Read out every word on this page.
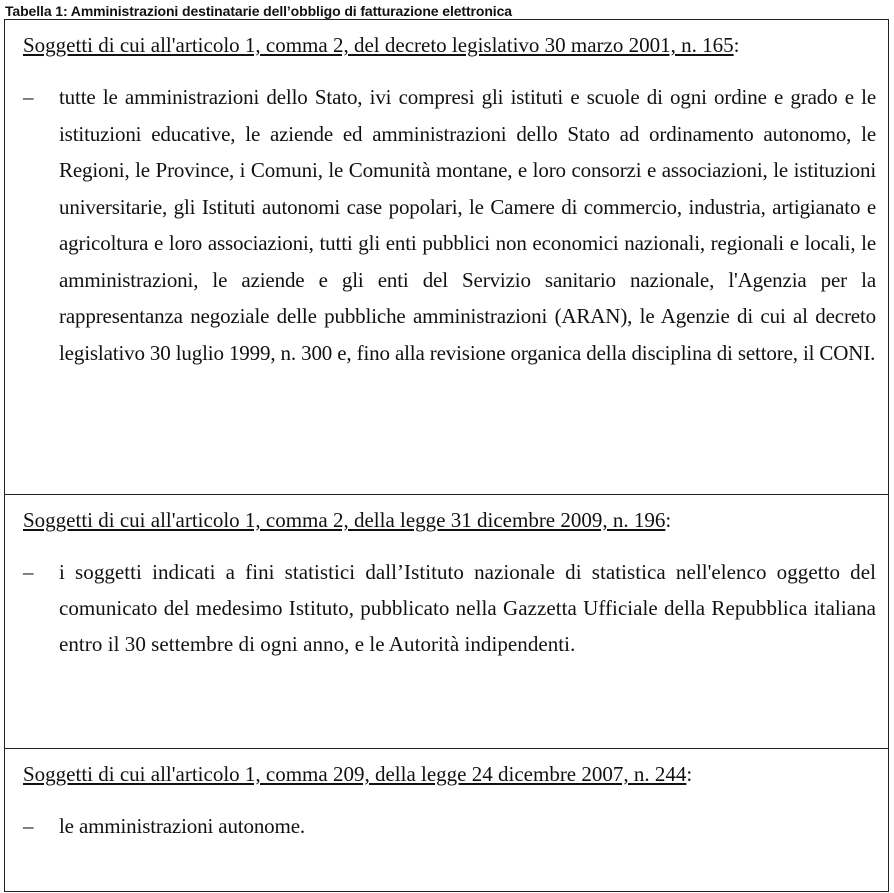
Tabella 1: Amministrazioni destinatarie dell’obbligo di fatturazione elettronica

Soggetti di cui all'articolo 1, comma 2, del decreto legislativo 30 marzo 2001, n. 165:

– tutte le amministrazioni dello Stato, ivi compresi gli istituti e scuole di ogni ordine e grado e le istituzioni educative, le aziende ed amministrazioni dello Stato ad ordinamento autonomo, le Regioni, le Province, i Comuni, le Comunità montane, e loro consorzi e associazioni, le istituzioni universitarie, gli Istituti autonomi case popolari, le Camere di commercio, industria, artigianato e agricoltura e loro associazioni, tutti gli enti pubblici non economici nazionali, regionali e locali, le amministrazioni, le aziende e gli enti del Servizio sanitario nazionale, l'Agenzia per la rappresentanza negoziale delle pubbliche amministrazioni (ARAN), le Agenzie di cui al decreto legislativo 30 luglio 1999, n. 300 e, fino alla revisione organica della disciplina di settore, il CONI.

Soggetti di cui all'articolo 1, comma 2, della legge 31 dicembre 2009, n. 196:

– i soggetti indicati a fini statistici dall’Istituto nazionale di statistica nell'elenco oggetto del comunicato del medesimo Istituto, pubblicato nella Gazzetta Ufficiale della Repubblica italiana entro il 30 settembre di ogni anno, e le Autorità indipendenti.

Soggetti di cui all'articolo 1, comma 209, della legge 24 dicembre 2007, n. 244:

– le amministrazioni autonome.
